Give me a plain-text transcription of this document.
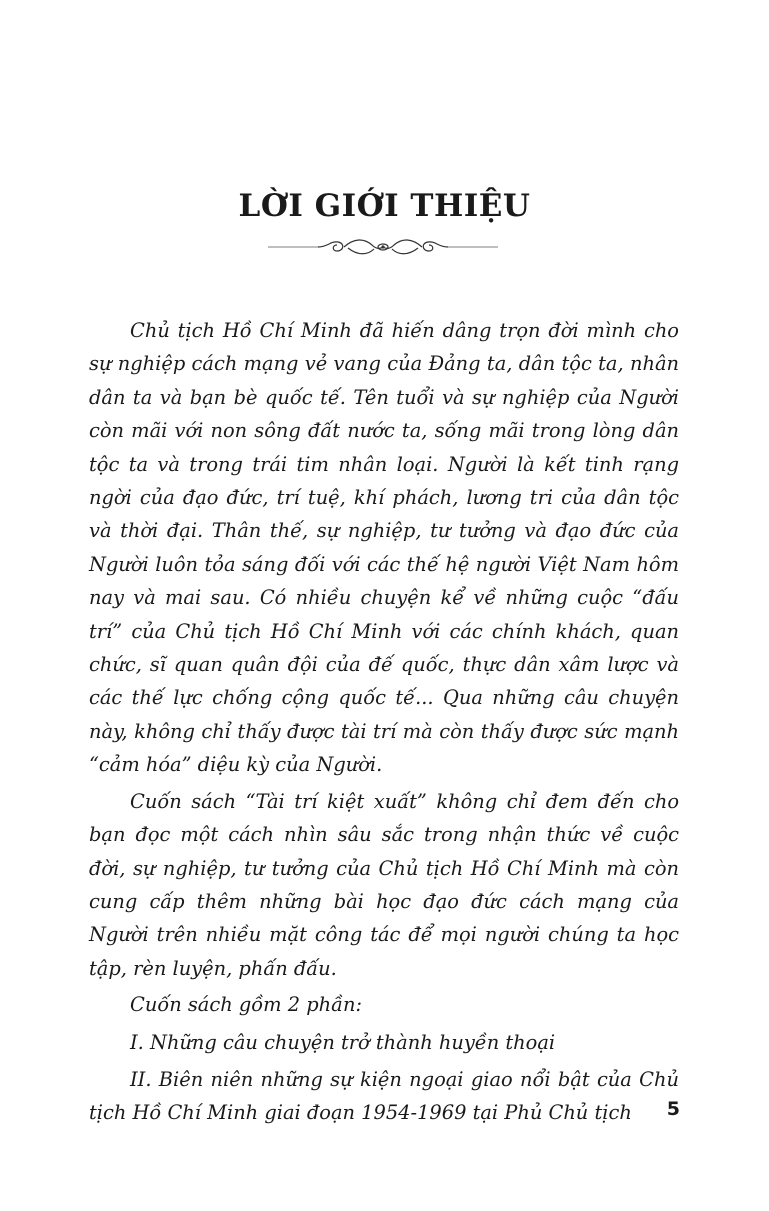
LỜI GIỚI THIỆU

Chủ tịch Hồ Chí Minh đã hiến dâng trọn đời mình cho sự nghiệp cách mạng vẻ vang của Đảng ta, dân tộc ta, nhân dân ta và bạn bè quốc tế. Tên tuổi và sự nghiệp của Người còn mãi với non sông đất nước ta, sống mãi trong lòng dân tộc ta và trong trái tim nhân loại. Người là kết tinh rạng ngời của đạo đức, trí tuệ, khí phách, lương tri của dân tộc và thời đại. Thân thế, sự nghiệp, tư tưởng và đạo đức của Người luôn tỏa sáng đối với các thế hệ người Việt Nam hôm nay và mai sau. Có nhiều chuyện kể về những cuộc “đấu trí” của Chủ tịch Hồ Chí Minh với các chính khách, quan chức, sĩ quan quân đội của đế quốc, thực dân xâm lược và các thế lực chống cộng quốc tế... Qua những câu chuyện này, không chỉ thấy được tài trí mà còn thấy được sức mạnh “cảm hóa” diệu kỳ của Người.

Cuốn sách “Tài trí kiệt xuất” không chỉ đem đến cho bạn đọc một cách nhìn sâu sắc trong nhận thức về cuộc đời, sự nghiệp, tư tưởng của Chủ tịch Hồ Chí Minh mà còn cung cấp thêm những bài học đạo đức cách mạng của Người trên nhiều mặt công tác để mọi người chúng ta học tập, rèn luyện, phấn đấu.

Cuốn sách gồm 2 phần:

I. Những câu chuyện trở thành huyền thoại

II. Biên niên những sự kiện ngoại giao nổi bật của Chủ tịch Hồ Chí Minh giai đoạn 1954-1969 tại Phủ Chủ tịch	5
